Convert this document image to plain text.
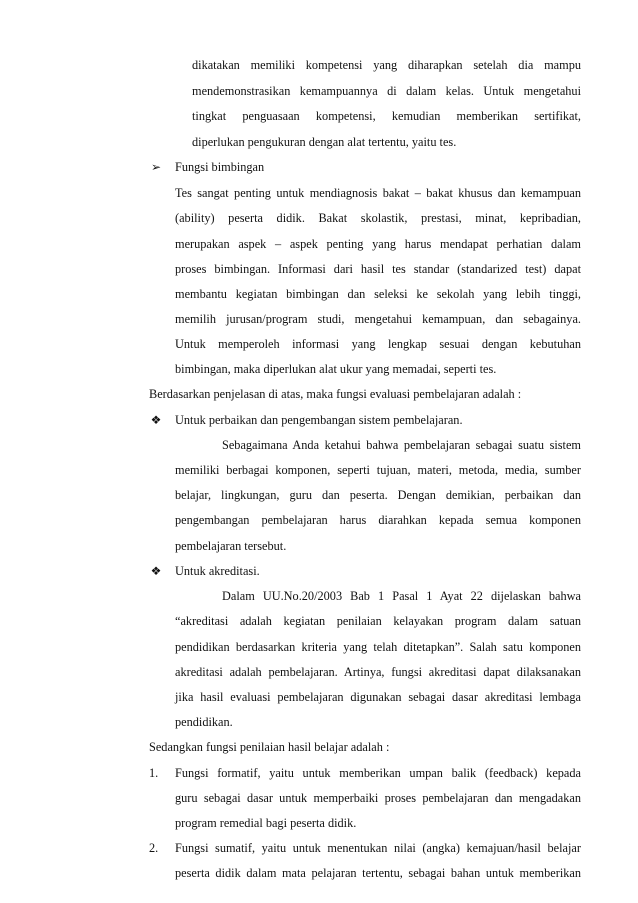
dikatakan memiliki kompetensi yang diharapkan setelah dia mampu
mendemonstrasikan kemampuannya di dalam kelas. Untuk mengetahui
tingkat penguasaan kompetensi, kemudian memberikan sertifikat,
diperlukan pengukuran dengan alat tertentu, yaitu tes.
➢ Fungsi bimbingan
Tes sangat penting untuk mendiagnosis bakat – bakat khusus dan kemampuan
(ability) peserta didik. Bakat skolastik, prestasi, minat, kepribadian,
merupakan aspek – aspek penting yang harus mendapat perhatian dalam
proses bimbingan. Informasi dari hasil tes standar (standarized test) dapat
membantu kegiatan bimbingan dan seleksi ke sekolah yang lebih tinggi,
memilih jurusan/program studi, mengetahui kemampuan, dan sebagainya.
Untuk memperoleh informasi yang lengkap sesuai dengan kebutuhan
bimbingan, maka diperlukan alat ukur yang memadai, seperti tes.
Berdasarkan penjelasan di atas, maka fungsi evaluasi pembelajaran adalah :
❖ Untuk perbaikan dan pengembangan sistem pembelajaran.
Sebagaimana Anda ketahui bahwa pembelajaran sebagai suatu sistem
memiliki berbagai komponen, seperti tujuan, materi, metoda, media, sumber
belajar, lingkungan, guru dan peserta. Dengan demikian, perbaikan dan
pengembangan pembelajaran harus diarahkan kepada semua komponen
pembelajaran tersebut.
❖ Untuk akreditasi.
Dalam UU.No.20/2003 Bab 1 Pasal 1 Ayat 22 dijelaskan bahwa
“akreditasi adalah kegiatan penilaian kelayakan program dalam satuan
pendidikan berdasarkan kriteria yang telah ditetapkan”. Salah satu komponen
akreditasi adalah pembelajaran. Artinya, fungsi akreditasi dapat dilaksanakan
jika hasil evaluasi pembelajaran digunakan sebagai dasar akreditasi lembaga
pendidikan.
Sedangkan fungsi penilaian hasil belajar adalah :
1. Fungsi formatif, yaitu untuk memberikan umpan balik (feedback) kepada
guru sebagai dasar untuk memperbaiki proses pembelajaran dan mengadakan
program remedial bagi peserta didik.
2. Fungsi sumatif, yaitu untuk menentukan nilai (angka) kemajuan/hasil belajar
peserta didik dalam mata pelajaran tertentu, sebagai bahan untuk memberikan
